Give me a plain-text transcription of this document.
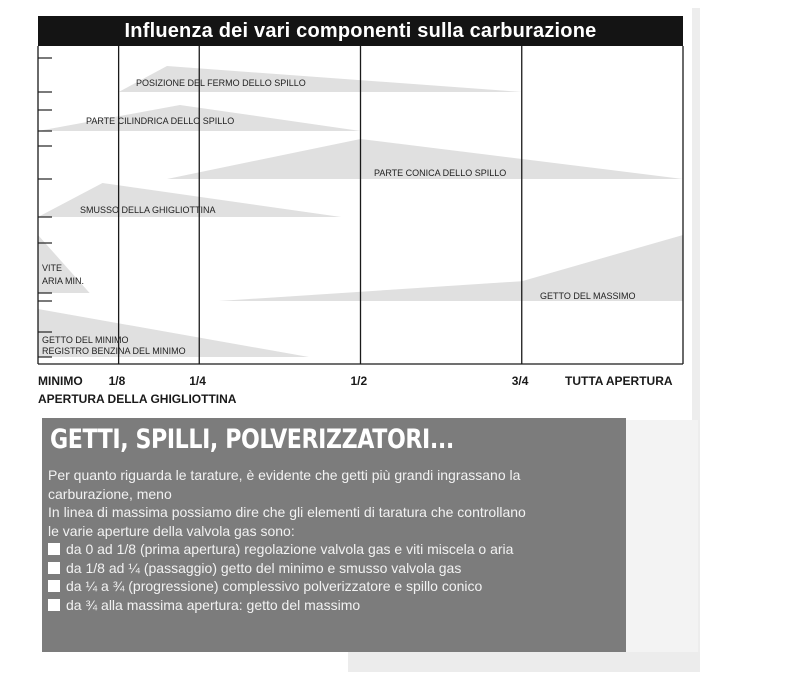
Influenza dei vari componenti sulla carburazione
POSIZIONE DEL FERMO DELLO SPILLO
PARTE CILINDRICA DELLO SPILLO
PARTE CONICA DELLO SPILLO
SMUSSO DELLA GHIGLIOTTINA
VITE
ARIA MIN.
GETTO DEL MASSIMO
GETTO DEL MINIMO
REGISTRO BENZINA DEL MINIMO
MINIMO 1/8	1/4	1/2	3/4	TUTTA APERTURA
APERTURA DELLA GHIGLIOTTINA
GETTI, SPILLI, POLVERIZZATORI...

Per quanto riguarda le tarature, è evidente che getti più grandi ingrassano la

carburazione, meno

In linea di massima possiamo dire che gli elementi di taratura che controllano

le varie aperture della valvola gas sono:

da 0 ad 1/8 (prima apertura) regolazione valvola gas e viti miscela o aria
da 1/8 ad ¼ (passaggio) getto del minimo e smusso valvola gas
da ¼ a ¾ (progressione) complessivo polverizzatore e spillo conico
da ¾ alla massima apertura: getto del massimo
